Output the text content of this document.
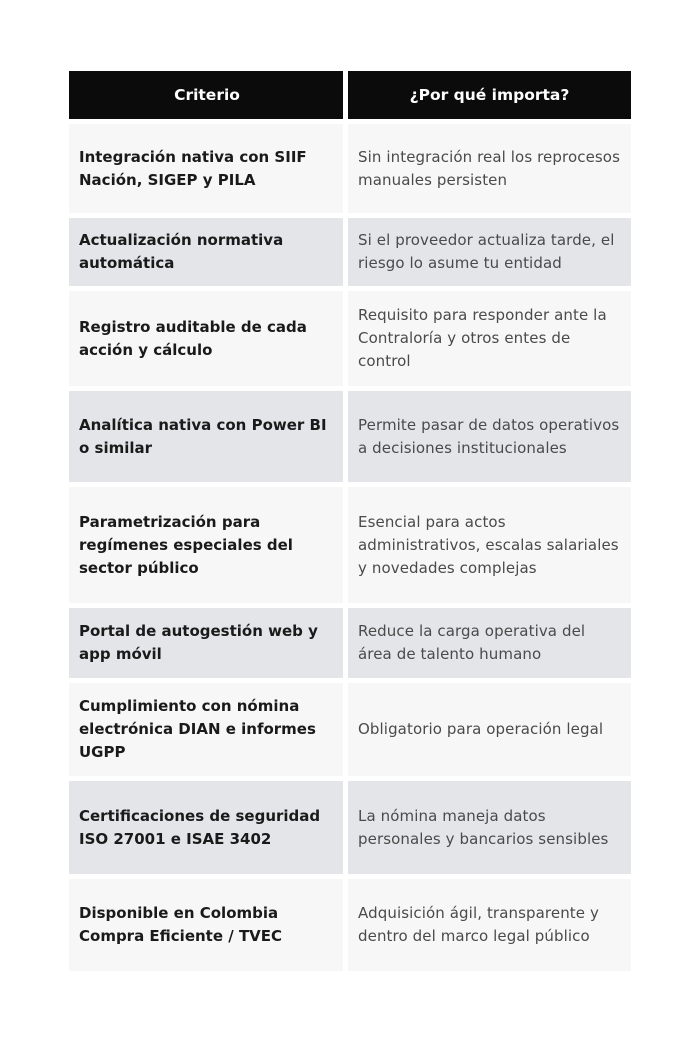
Criterio	¿Por qué importa?
Integración nativa con SIIF Nación, SIGEP y PILA
Sin integración real los reprocesos manuales persisten
Actualización normativa automática
Si el proveedor actualiza tarde, el riesgo lo asume tu entidad
Registro auditable de cada acción y cálculo
Requisito para responder ante la Contraloría y otros entes de control
Analítica nativa con Power BI o similar
Permite pasar de datos operativos a decisiones institucionales
Parametrización para regímenes especiales del sector público
Esencial para actos administrativos, escalas salariales y novedades complejas
Portal de autogestión web y app móvil
Reduce la carga operativa del área de talento humano
Cumplimiento con nómina electrónica DIAN e informes UGPP
Obligatorio para operación legal
Certificaciones de seguridad ISO 27001 e ISAE 3402
La nómina maneja datos personales y bancarios sensibles
Disponible en Colombia Compra Eficiente / TVEC
Adquisición ágil, transparente y dentro del marco legal público
